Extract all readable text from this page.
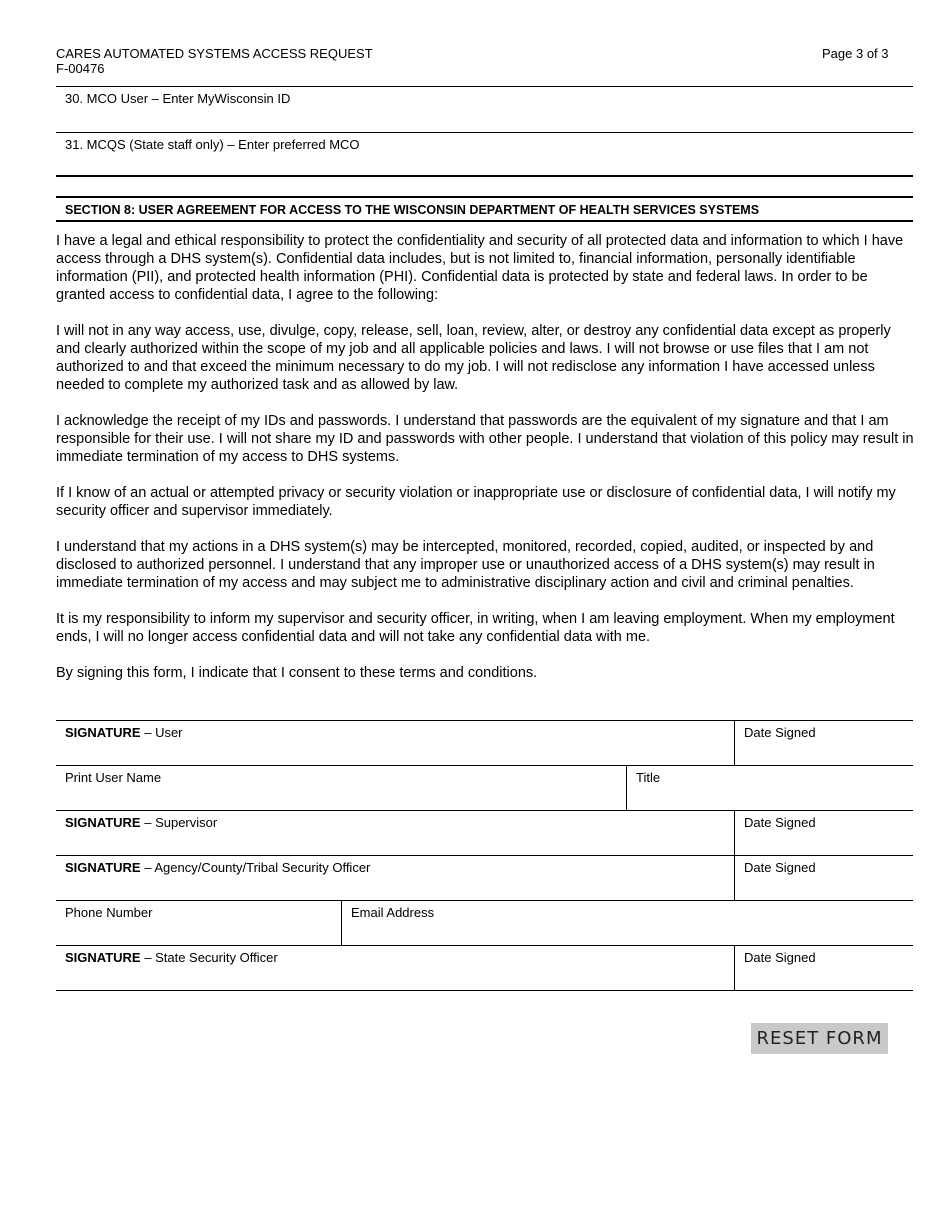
CARES AUTOMATED SYSTEMS ACCESS REQUEST
F-00476
Page 3 of 3
30. MCO User – Enter MyWisconsin ID
31. MCQS (State staff only) – Enter preferred MCO
SECTION 8: USER AGREEMENT FOR ACCESS TO THE WISCONSIN DEPARTMENT OF HEALTH SERVICES SYSTEMS

I have a legal and ethical responsibility to protect the confidentiality and security of all protected data and information to which I have access through a DHS system(s). Confidential data includes, but is not limited to, financial information, personally identifiable information (PII), and protected health information (PHI). Confidential data is protected by state and federal laws. In order to be granted access to confidential data, I agree to the following:

I will not in any way access, use, divulge, copy, release, sell, loan, review, alter, or destroy any confidential data except as properly and clearly authorized within the scope of my job and all applicable policies and laws. I will not browse or use files that I am not authorized to and that exceed the minimum necessary to do my job. I will not redisclose any information I have accessed unless needed to complete my authorized task and as allowed by law.

I acknowledge the receipt of my IDs and passwords. I understand that passwords are the equivalent of my signature and that I am responsible for their use. I will not share my ID and passwords with other people. I understand that violation of this policy may result in immediate termination of my access to DHS systems.

If I know of an actual or attempted privacy or security violation or inappropriate use or disclosure of confidential data, I will notify my security officer and supervisor immediately.

I understand that my actions in a DHS system(s) may be intercepted, monitored, recorded, copied, audited, or inspected by and disclosed to authorized personnel. I understand that any improper use or unauthorized access of a DHS system(s) may result in immediate termination of my access and may subject me to administrative disciplinary action and civil and criminal penalties.

It is my responsibility to inform my supervisor and security officer, in writing, when I am leaving employment. When my employment ends, I will no longer access confidential data and will not take any confidential data with me.

By signing this form, I indicate that I consent to these terms and conditions.

SIGNATURE – User	Date Signed
Print User Name	Title
SIGNATURE – Supervisor	Date Signed
SIGNATURE – Agency/County/Tribal Security Officer	Date Signed
Phone Number	Email Address
SIGNATURE – State Security Officer	Date Signed
RESET FORM
